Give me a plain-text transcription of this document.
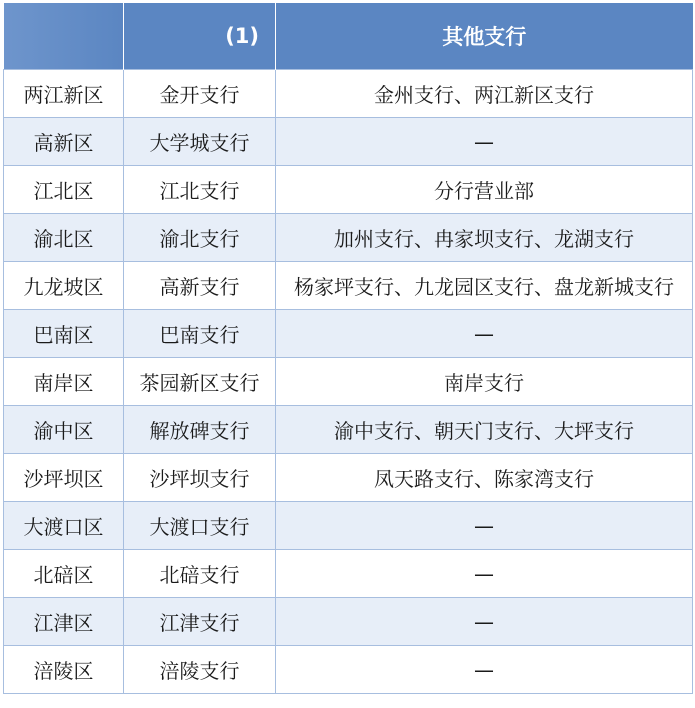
	(1)	其他支行
两江新区	金开支行	金州支行、两江新区支行
高新区	大学城支行	—
江北区	江北支行	分行营业部
渝北区	渝北支行	加州支行、冉家坝支行、龙湖支行
九龙坡区	高新支行	杨家坪支行、九龙园区支行、盘龙新城支行
巴南区	巴南支行	—
南岸区	茶园新区支行	南岸支行
渝中区	解放碑支行	渝中支行、朝天门支行、大坪支行
沙坪坝区	沙坪坝支行	凤天路支行、陈家湾支行
大渡口区	大渡口支行	—
北碚区	北碚支行	—
江津区	江津支行	—
涪陵区	涪陵支行	—
